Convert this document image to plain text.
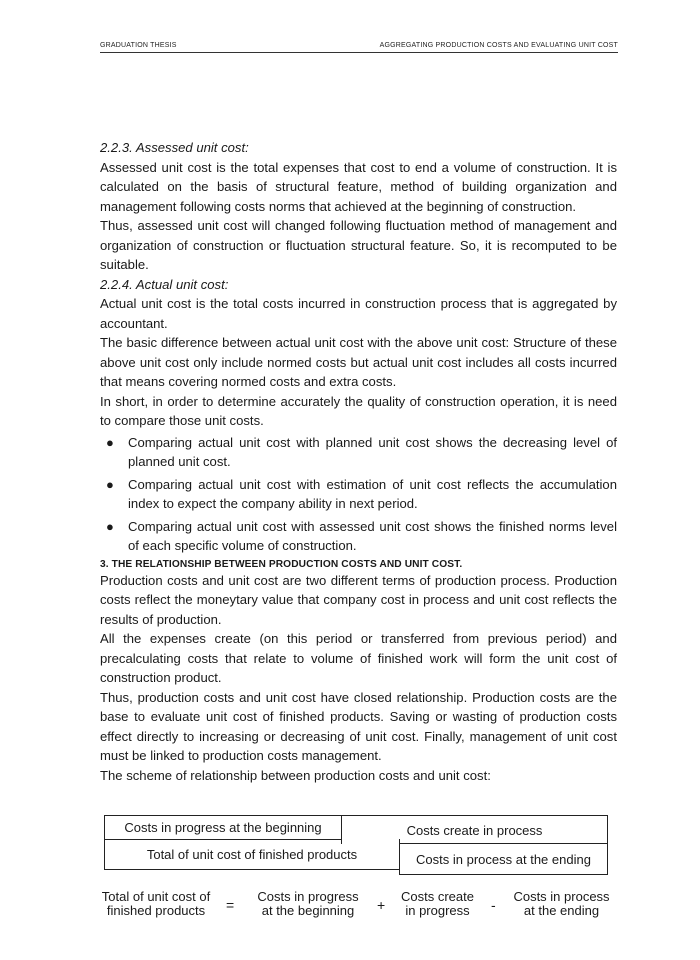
GRADUATION THESIS	AGGREGATING PRODUCTION COSTS AND EVALUATING UNIT COST

2.2.3. Assessed unit cost:

Assessed unit cost is the total expenses that cost to end a volume of construction. It is calculated on the basis of structural feature, method of building organization and management following costs norms that achieved at the beginning of construction.

Thus, assessed unit cost will changed following fluctuation method of management and organization of construction or fluctuation structural feature. So, it is recomputed to be suitable.

2.2.4. Actual unit cost:

Actual unit cost is the total costs incurred in construction process that is aggregated by accountant.

The basic difference between actual unit cost with the above unit cost: Structure of these above unit cost only include normed costs but actual unit cost includes all costs incurred that means covering normed costs and extra costs.

In short, in order to determine accurately the quality of construction operation, it is need to compare those unit costs.

● Comparing actual unit cost with planned unit cost shows the decreasing level of planned unit cost.
● Comparing actual unit cost with estimation of unit cost reflects the accumulation index to expect the company ability in next period.
● Comparing actual unit cost with assessed unit cost shows the finished norms level of each specific volume of construction.

3. THE RELATIONSHIP BETWEEN PRODUCTION COSTS AND UNIT COST.

Production costs and unit cost are two different terms of production process. Production costs reflect the moneytary value that company cost in process and unit cost reflects the results of production.

All the expenses create (on this period or transferred from previous period) and precalculating costs that relate to volume of finished work will form the unit cost of construction product.

Thus, production costs and unit cost have closed relationship. Production costs are the base to evaluate unit cost of finished products. Saving or wasting of production costs effect directly to increasing or decreasing of unit cost. Finally, management of unit cost must be linked to production costs management.

The scheme of relationship between production costs and unit cost:

Costs in progress at the beginning	Costs create in process
Total of unit cost of finished products	Costs in process at the ending
Total of unit cost of
finished products	=
Costs in progress
at the beginning	+
Costs create
in progress	-
Costs in process
at the ending
